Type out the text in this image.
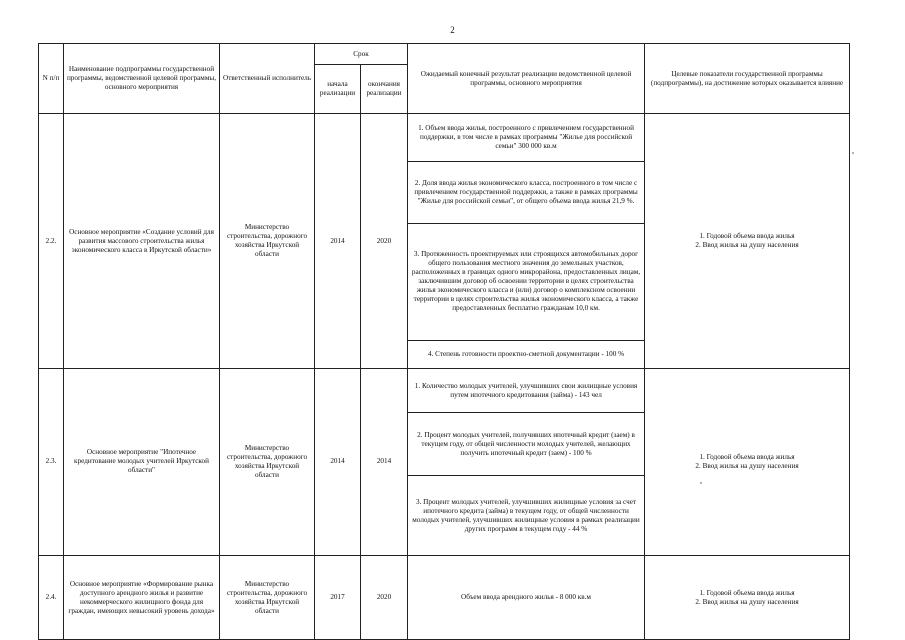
2
N п/п	Наименование подпрограммы государственной программы, ведомственной целевой программы, основного мероприятия	Ответственный исполнитель	Срок		Ожидаемый конечный результат реализации ведомственной целевой программы, основного мероприятия	Целевые показатели государственной программы (подпрограммы), на достижение которых оказывается влияние
			начала реализации	окончания реализации		
2.2.	Основное мероприятие «Создание условий для развития массового строительства жилья экономического класса в Иркутской области»	Министерство строительства, дорожного хозяйства Иркутской области	2014	2020	1. Объем ввода жилья, построенного с привлечением государственной поддержки, в том числе в рамках программы "Жилье для российской семьи" 300 000 кв.м	1. Годовой объема ввода жилья
2. Ввод жилья на душу населения

					2. Доля ввода жилья экономического класса, построенного в том числе с привлечением государственной поддержки, а также в рамках программы "Жилье для российской семьи", от общего объема ввода жилья 21,9 %.	
					3. Протяженность проектируемых или строящихся автомобильных дорог общего пользования местного значения до земельных участков, расположенных в границах одного микрорайона, предоставленных лицам, заключившим договор об освоении территории в целях строительства жилья экономического класса и (или) договор о комплексном освоении территории в целях строительства жилья экономического класса, а также предоставленных бесплатно гражданам 10,0 км.	
					4. Степень готовности проектно-сметной документации - 100 %	
2.3.	Основное мероприятие "Ипотечное кредитование молодых учителей Иркутской области"	Министерство строительства, дорожного хозяйства Иркутской области	2014	2014	1. Количество молодых учителей, улучшивших свои жилищные условия путем ипотечного кредитования (займа) - 143 чел	1. Годовой объема ввода жилья
2. Ввод жилья на душу населения

					2. Процент молодых учителей, получивших ипотечный кредит (заем) в текущем году, от общей численности молодых учителей, желающих получить ипотечный кредит (заем) - 100 %	
					3. Процент молодых учителей, улучшивших жилищные условия за счет ипотечного кредита (займа) в текущем году, от общей численности молодых учителей, улучшивших жилищные условия в рамках реализации других программ в текущем году - 44 %	
2.4.	Основное мероприятие «Формирование рынка доступного арендного жилья и развитие некоммерческого жилищного фонда для граждан, имеющих невысокий уровень дохода»	Министерство строительства, дорожного хозяйства Иркутской области	2017	2020	Объем ввода арендного жилья - 8 000 кв.м	1. Годовой объема ввода жилья
2. Ввод жилья на душу населения
